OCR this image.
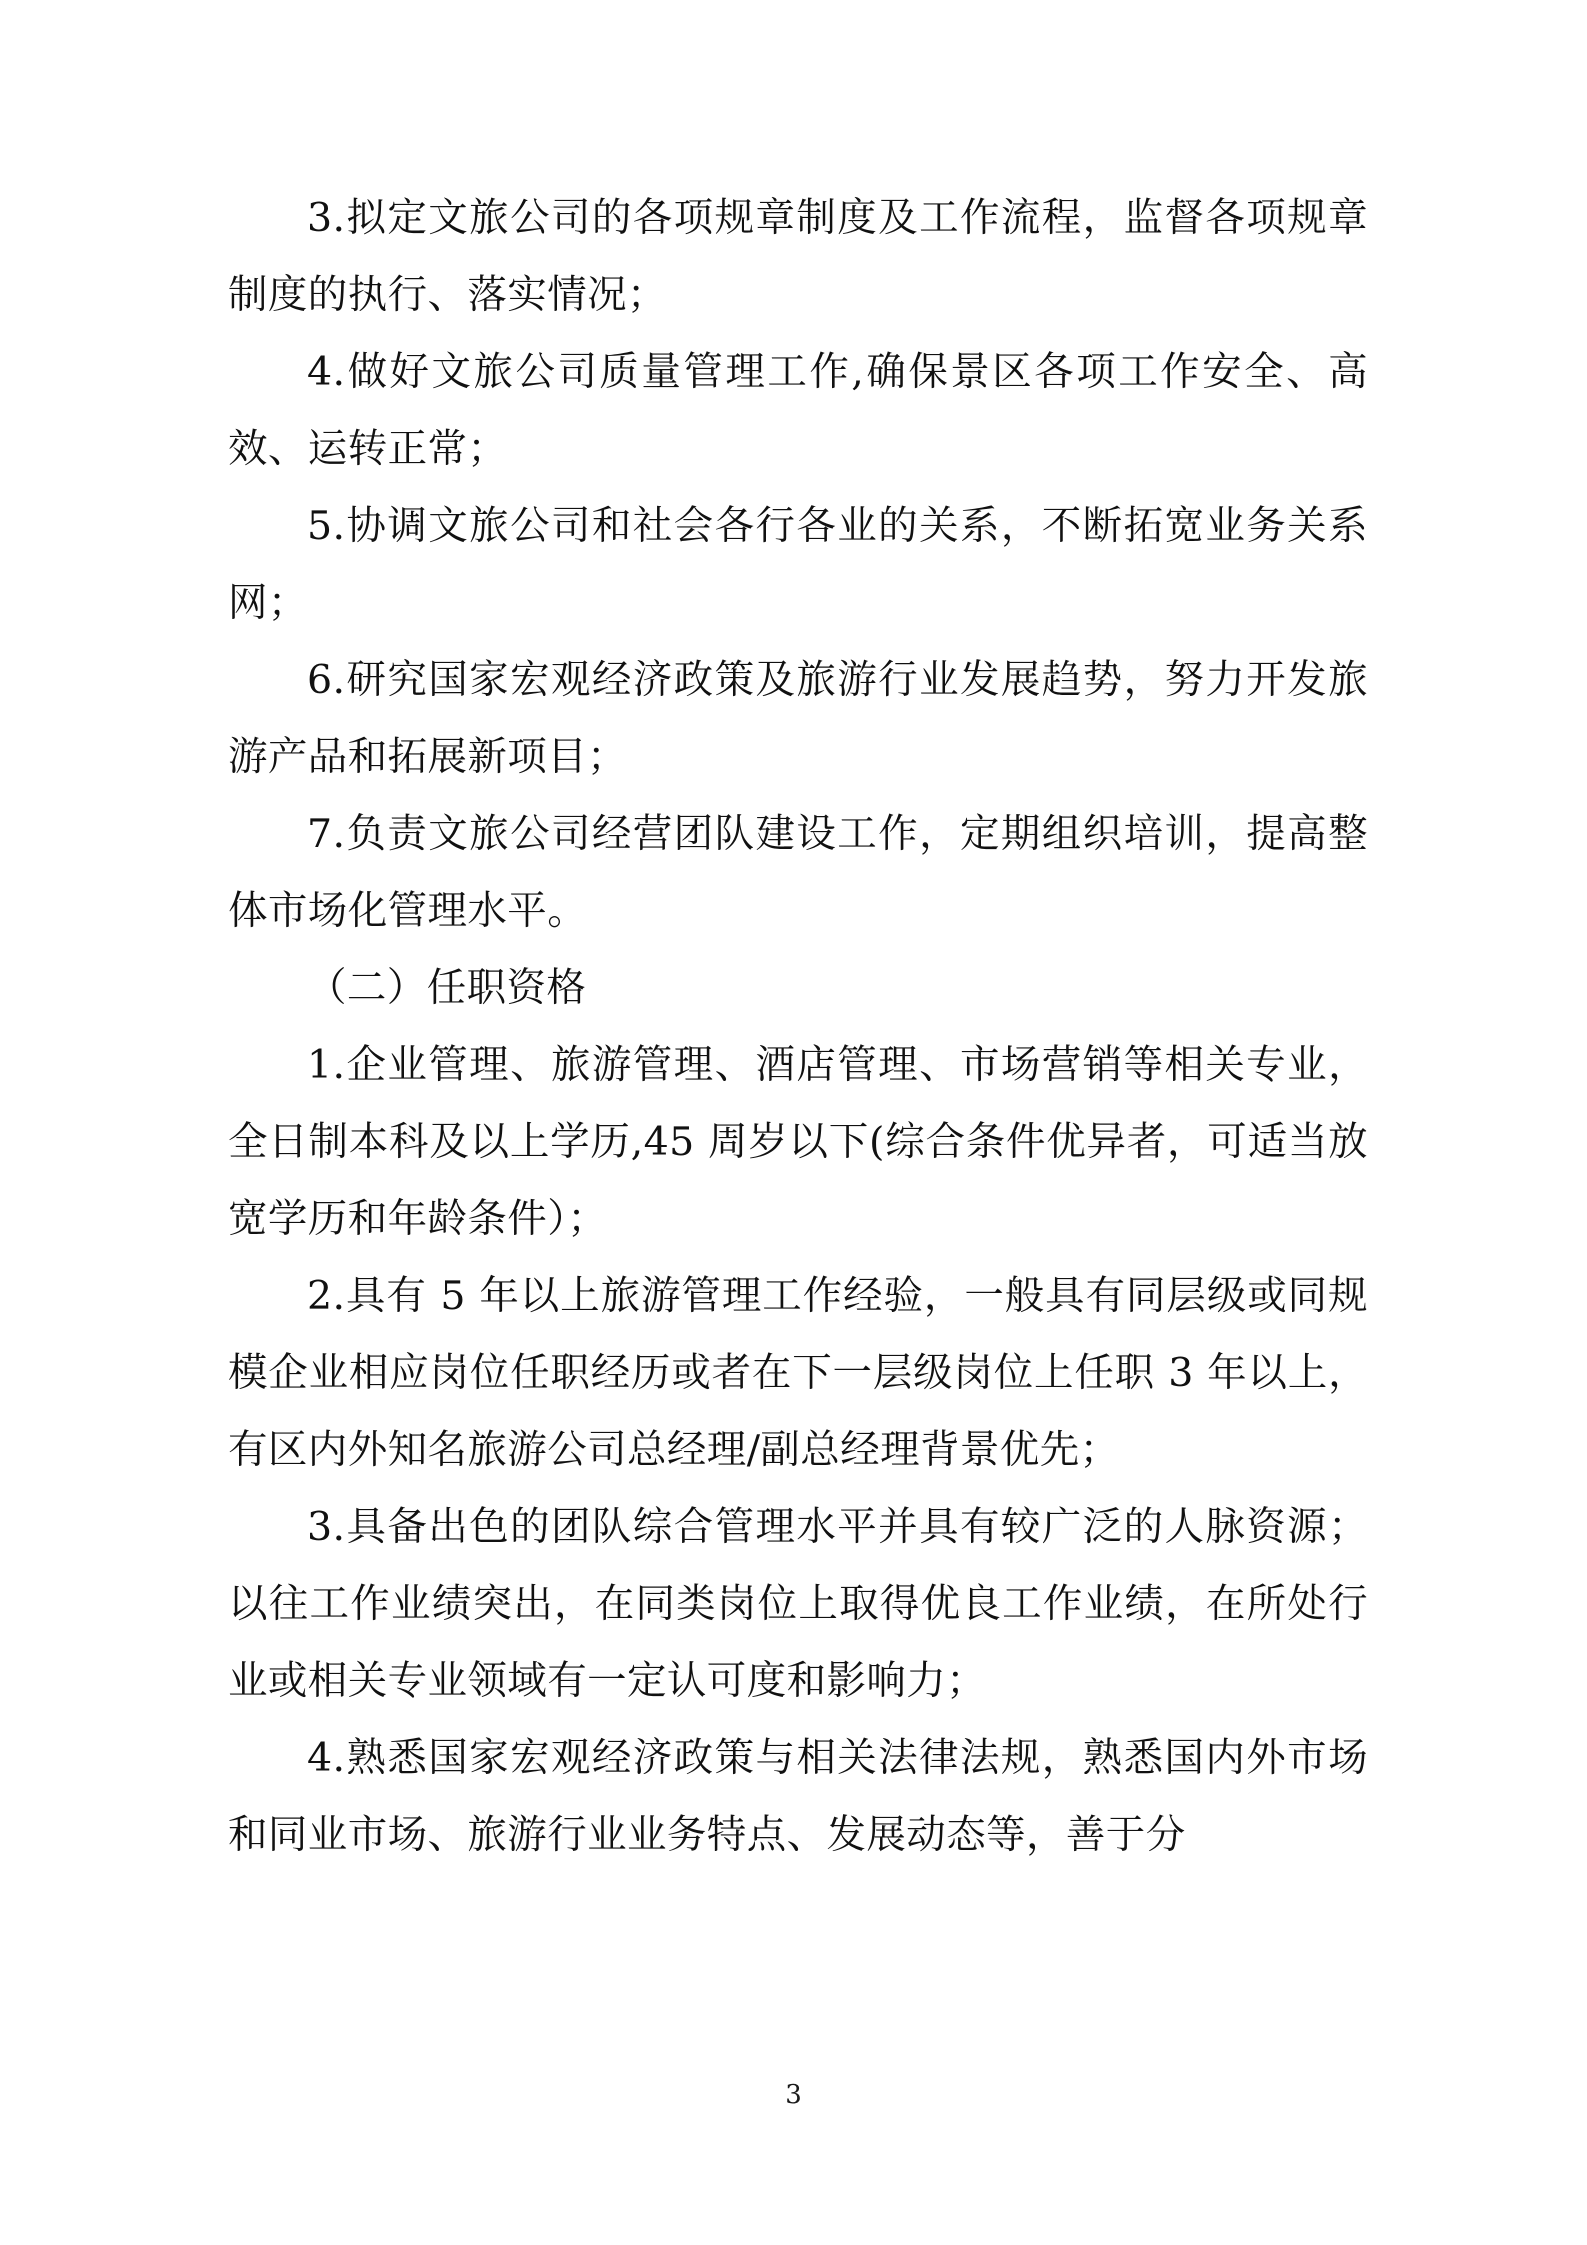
3.拟定文旅公司的各项规章制度及工作流程，监督各项规章制度的执行、落实情况；

4.做好文旅公司质量管理工作,确保景区各项工作安全、高效、运转正常；

5.协调文旅公司和社会各行各业的关系，不断拓宽业务关系网；

6.研究国家宏观经济政策及旅游行业发展趋势，努力开发旅游产品和拓展新项目；

7.负责文旅公司经营团队建设工作，定期组织培训，提高整体市场化管理水平。

（二）任职资格

1.企业管理、旅游管理、酒店管理、市场营销等相关专业，全日制本科及以上学历,45 周岁以下(综合条件优异者，可适当放宽学历和年龄条件）；

2.具有 5 年以上旅游管理工作经验，一般具有同层级或同规模企业相应岗位任职经历或者在下一层级岗位上任职 3 年以上，有区内外知名旅游公司总经理/副总经理背景优先；

3.具备出色的团队综合管理水平并具有较广泛的人脉资源；以往工作业绩突出，在同类岗位上取得优良工作业绩，在所处行业或相关专业领域有一定认可度和影响力；

4.熟悉国家宏观经济政策与相关法律法规，熟悉国内外市场和同业市场、旅游行业业务特点、发展动态等，善于分

3
